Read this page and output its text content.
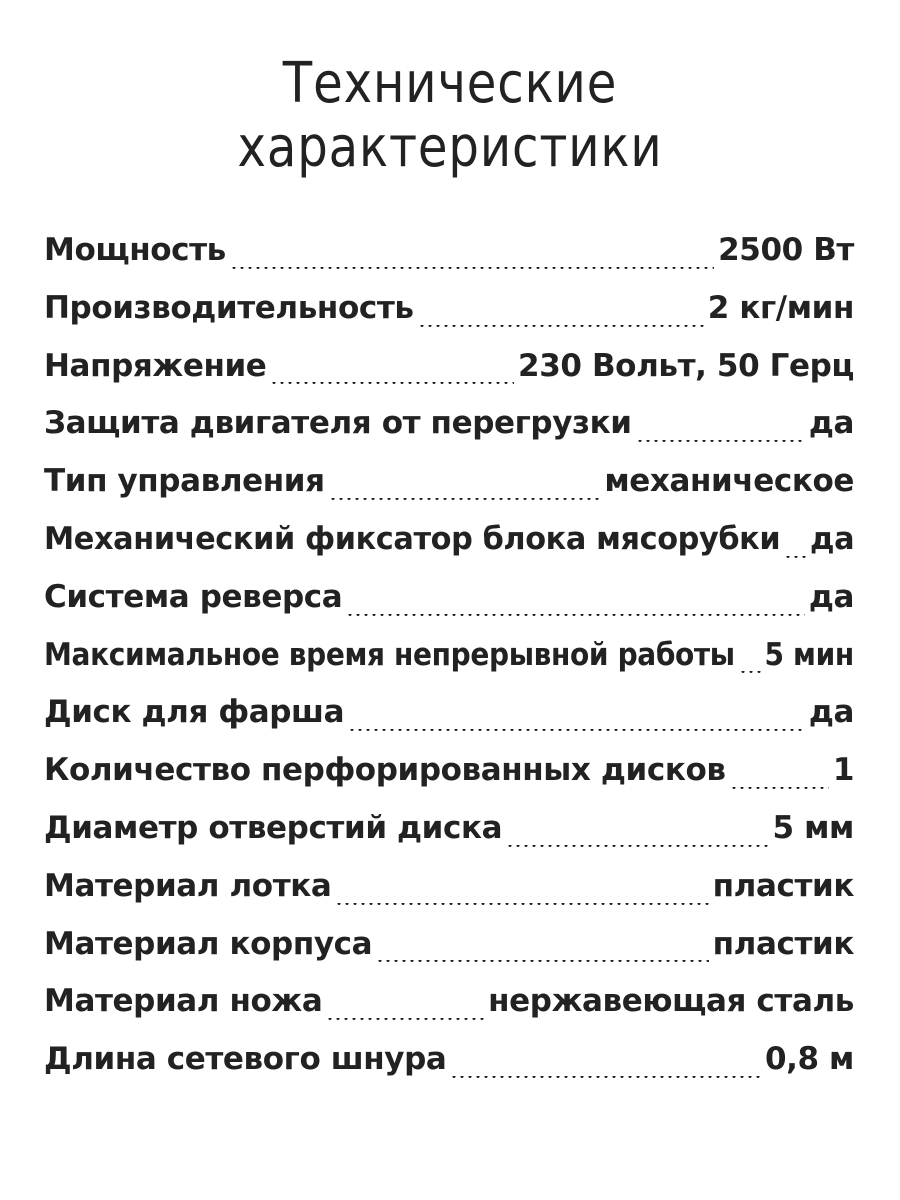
Технические
характеристики
Мощность	2500 Вт
Производительность	2 кг/мин
Напряжение	230 Вольт, 50 Герц
Защита двигателя от перегрузки	да
Тип управления	механическое
Механический фиксатор блока мясорубки да
Система реверса	да
Максимальное время непрерывной работы 5 мин
Диск для фарша	да
Количество перфорированных дисков	1
Диаметр отверстий диска	5 мм
Материал лотка	пластик
Материал корпуса	пластик
Материал ножа	нержавеющая сталь
Длина сетевого шнура	0,8 м
